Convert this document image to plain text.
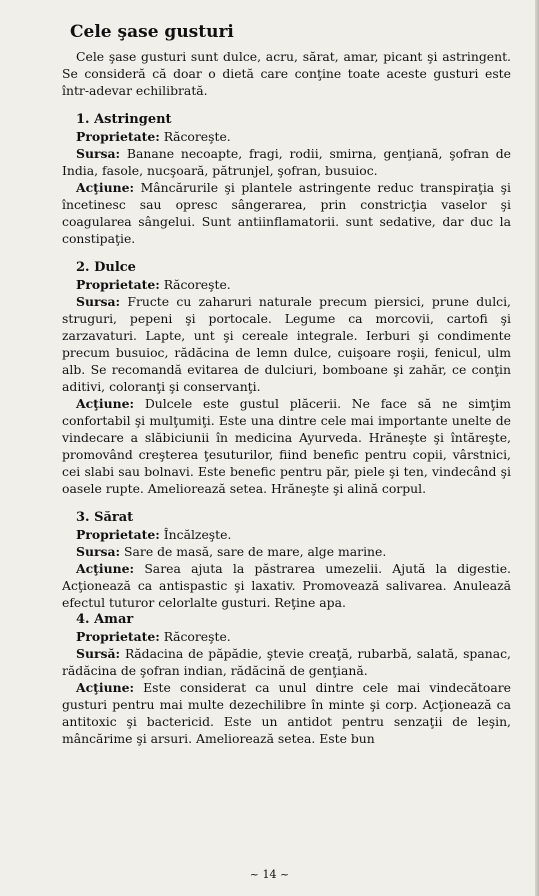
Cele şase gusturi

Cele şase gusturi sunt dulce, acru, sărat, amar, picant şi astringent. Se consideră că doar o dietă care conţine toate aceste gusturi este într-adevar echilibrată.

1. Astringent

Proprietate: Răcoreşte.

Sursa: Banane necoapte, fragi, rodii, smirna, genţiană, şofran de India, fasole, nucşoară, pătrunjel, şofran, busuioc.

Acţiune: Mâncărurile şi plantele astringente reduc transpiraţia şi încetinesc sau opresc sângerarea, prin constricţia vaselor şi coagularea sângelui. Sunt antiinflamatorii. sunt sedative, dar duc la constipaţie.

2. Dulce

Proprietate: Răcoreşte.

Sursa: Fructe cu zaharuri naturale precum piersici, prune dulci, struguri, pepeni şi portocale. Legume ca morcovii, cartofi şi zarzavaturi. Lapte, unt şi cereale integrale. Ierburi şi condimente precum busuioc, rădăcina de lemn dulce, cuişoare roşii, fenicul, ulm alb. Se recomandă evitarea de dulciuri, bomboane şi zahăr, ce conţin aditivi, coloranţi şi conservanţi.

Acţiune: Dulcele este gustul plăcerii. Ne face să ne simţim confortabil şi mulţumiţi. Este una dintre cele mai importante unelte de vindecare a slăbiciunii în medicina Ayurveda. Hrăneşte şi întăreşte, promovând creşterea ţesuturilor, fiind benefic pentru copii, vârstnici, cei slabi sau bolnavi. Este benefic pentru păr, piele şi ten, vindecând şi oasele rupte. Ameliorează setea. Hrăneşte şi alină corpul.

3. Sărat

Proprietate: Încălzeşte.

Sursa: Sare de masă, sare de mare, alge marine.

Acţiune: Sarea ajuta la păstrarea umezelii. Ajută la digestie. Acţionează ca antispastic şi laxativ. Promovează salivarea. Anulează efectul tuturor celorlalte gusturi. Reţine apa.

4. Amar

Proprietate: Răcoreşte.

Sursă: Rădacina de păpădie, ştevie creaţă, rubarbă, salată, spanac, rădăcina de şofran indian, rădăcină de genţiană.

Acţiune: Este considerat ca unul dintre cele mai vindecătoare gusturi pentru mai multe dezechilibre în minte şi corp. Acţionează ca antitoxic şi bactericid. Este un antidot pentru senzaţii de leşin, mâncărime şi arsuri. Ameliorează setea. Este bun

~ 14 ~
